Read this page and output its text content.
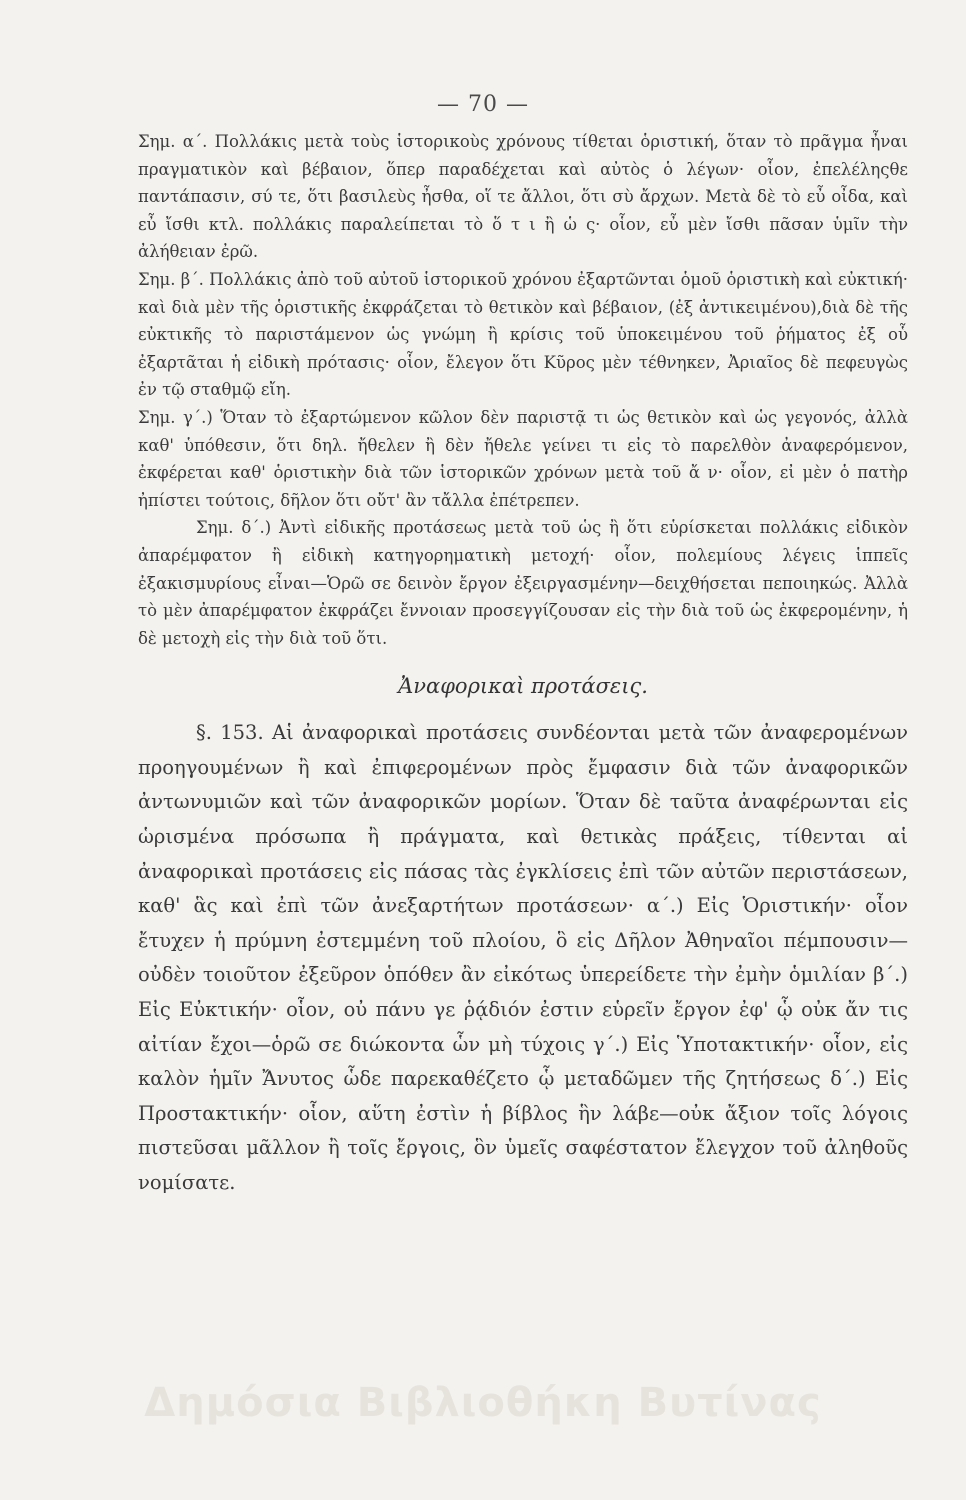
— 70 —

Σημ. α΄. Πολλάκις μετὰ τοὺς ἱστορικοὺς χρόνους τίθεται ὁριστική, ὅταν τὸ πρᾶγμα ἦναι πραγματικὸν καὶ βέβαιον, ὅπερ παραδέχεται καὶ αὐτὸς ὁ λέγων· οἷον, ἐπελέληςθε παντάπασιν, σύ τε, ὅτι βασιλεὺς ἦσθα, οἵ τε ἄλλοι, ὅτι σὺ ἄρχων. Μετὰ δὲ τὸ εὖ οἶδα, καὶ εὖ ἴσθι κτλ. πολλάκις παραλείπεται τὸ ὅ τ ι ἢ ὡ ς· οἷον, εὖ μὲν ἴσθι πᾶσαν ὑμῖν τὴν ἀλήθειαν ἐρῶ.

Σημ. β΄. Πολλάκις ἀπὸ τοῦ αὐτοῦ ἱστορικοῦ χρόνου ἐξαρτῶνται ὁμοῦ ὁριστικὴ καὶ εὐκτική· καὶ διὰ μὲν τῆς ὁριστικῆς ἐκφράζεται τὸ θετικὸν καὶ βέβαιον, (ἐξ ἀντικειμένου),διὰ δὲ τῆς εὐκτικῆς τὸ παριστάμενον ὡς γνώμη ἢ κρίσις τοῦ ὑποκειμένου τοῦ ῥήματος ἐξ οὗ ἐξαρτᾶται ἡ εἰδικὴ πρότασις· οἷον, ἔλεγον ὅτι Κῦρος μὲν τέθνηκεν, Ἀριαῖος δὲ πεφευγὼς ἐν τῷ σταθμῷ εἴη.

Σημ. γ΄.) Ὅταν τὸ ἐξαρτώμενον κῶλον δὲν παριστᾷ τι ὡς θετικὸν καὶ ὡς γεγονός, ἀλλὰ καθ' ὑπόθεσιν, ὅτι δηλ. ἤθελεν ἢ δὲν ἤθελε γείνει τι εἰς τὸ παρελθὸν ἀναφερόμενον, ἐκφέρεται καθ' ὁριστικὴν διὰ τῶν ἱστορικῶν χρόνων μετὰ τοῦ ἄ ν· οἷον, εἰ μὲν ὁ πατὴρ ἠπίστει τούτοις, δῆλον ὅτι οὔτ' ἂν τἄλλα ἐπέτρεπεν.

Σημ. δ΄.) Ἀντὶ εἰδικῆς προτάσεως μετὰ τοῦ ὡς ἢ ὅτι εὑρίσκεται πολλάκις εἰδικὸν ἀπαρέμφατον ἢ εἰδικὴ κατηγορηματικὴ μετοχή· οἷον, πολεμίους λέγεις ἱππεῖς ἐξακισμυρίους εἶναι—Ὁρῶ σε δεινὸν ἔργον ἐξειργασμένην—δειχθήσεται πεποιηκώς. Ἀλλὰ τὸ μὲν ἀπαρέμφατον ἐκφράζει ἔννοιαν προσεγγίζουσαν εἰς τὴν διὰ τοῦ ὡς ἐκφερομένην, ἡ δὲ μετοχὴ εἰς τὴν διὰ τοῦ ὅτι.

Ἀναφορικαὶ προτάσεις.

§. 153. Αἱ ἀναφορικαὶ προτάσεις συνδέονται μετὰ τῶν ἀναφερομένων προηγουμένων ἢ καὶ ἐπιφερομένων πρὸς ἔμφασιν διὰ τῶν ἀναφορικῶν ἀντωνυμιῶν καὶ τῶν ἀναφορικῶν μορίων. Ὅταν δὲ ταῦτα ἀναφέρωνται εἰς ὡρισμένα πρόσωπα ἢ πράγματα, καὶ θετικὰς πράξεις, τίθενται αἱ ἀναφορικαὶ προτάσεις εἰς πάσας τὰς ἐγκλίσεις ἐπὶ τῶν αὐτῶν περιστάσεων, καθ' ἃς καὶ ἐπὶ τῶν ἀνεξαρτήτων προτάσεων· α΄.) Εἰς Ὁριστικήν· οἷον ἔτυχεν ἡ πρύμνη ἐστεμμένη τοῦ πλοίου, ὃ εἰς Δῆλον Ἀθηναῖοι πέμπουσιν—οὐδὲν τοιοῦτον ἐξεῦρον ὁπόθεν ἂν εἰκότως ὑπερείδετε τὴν ἐμὴν ὁμιλίαν β΄.) Εἰς Εὐκτικήν· οἷον, οὐ πάνυ γε ῥᾴδιόν ἐστιν εὑρεῖν ἔργον ἐφ' ᾧ οὐκ ἄν τις αἰτίαν ἔχοι—ὁρῶ σε διώκοντα ὧν μὴ τύχοις γ΄.) Εἰς Ὑποτακτικήν· οἷον, εἰς καλὸν ἡμῖν Ἄνυτος ὧδε παρεκαθέζετο ᾧ μεταδῶμεν τῆς ζητήσεως δ΄.) Εἰς Προστακτικήν· οἷον, αὕτη ἐστὶν ἡ βίβλος ἣν λάβε—οὐκ ἄξιον τοῖς λόγοις πιστεῦσαι μᾶλλον ἢ τοῖς ἔργοις, ὃν ὑμεῖς σαφέστατον ἔλεγχον τοῦ ἀληθοῦς νομίσατε.

Δημόσια Βιβλιοθήκη Βυτίνας
